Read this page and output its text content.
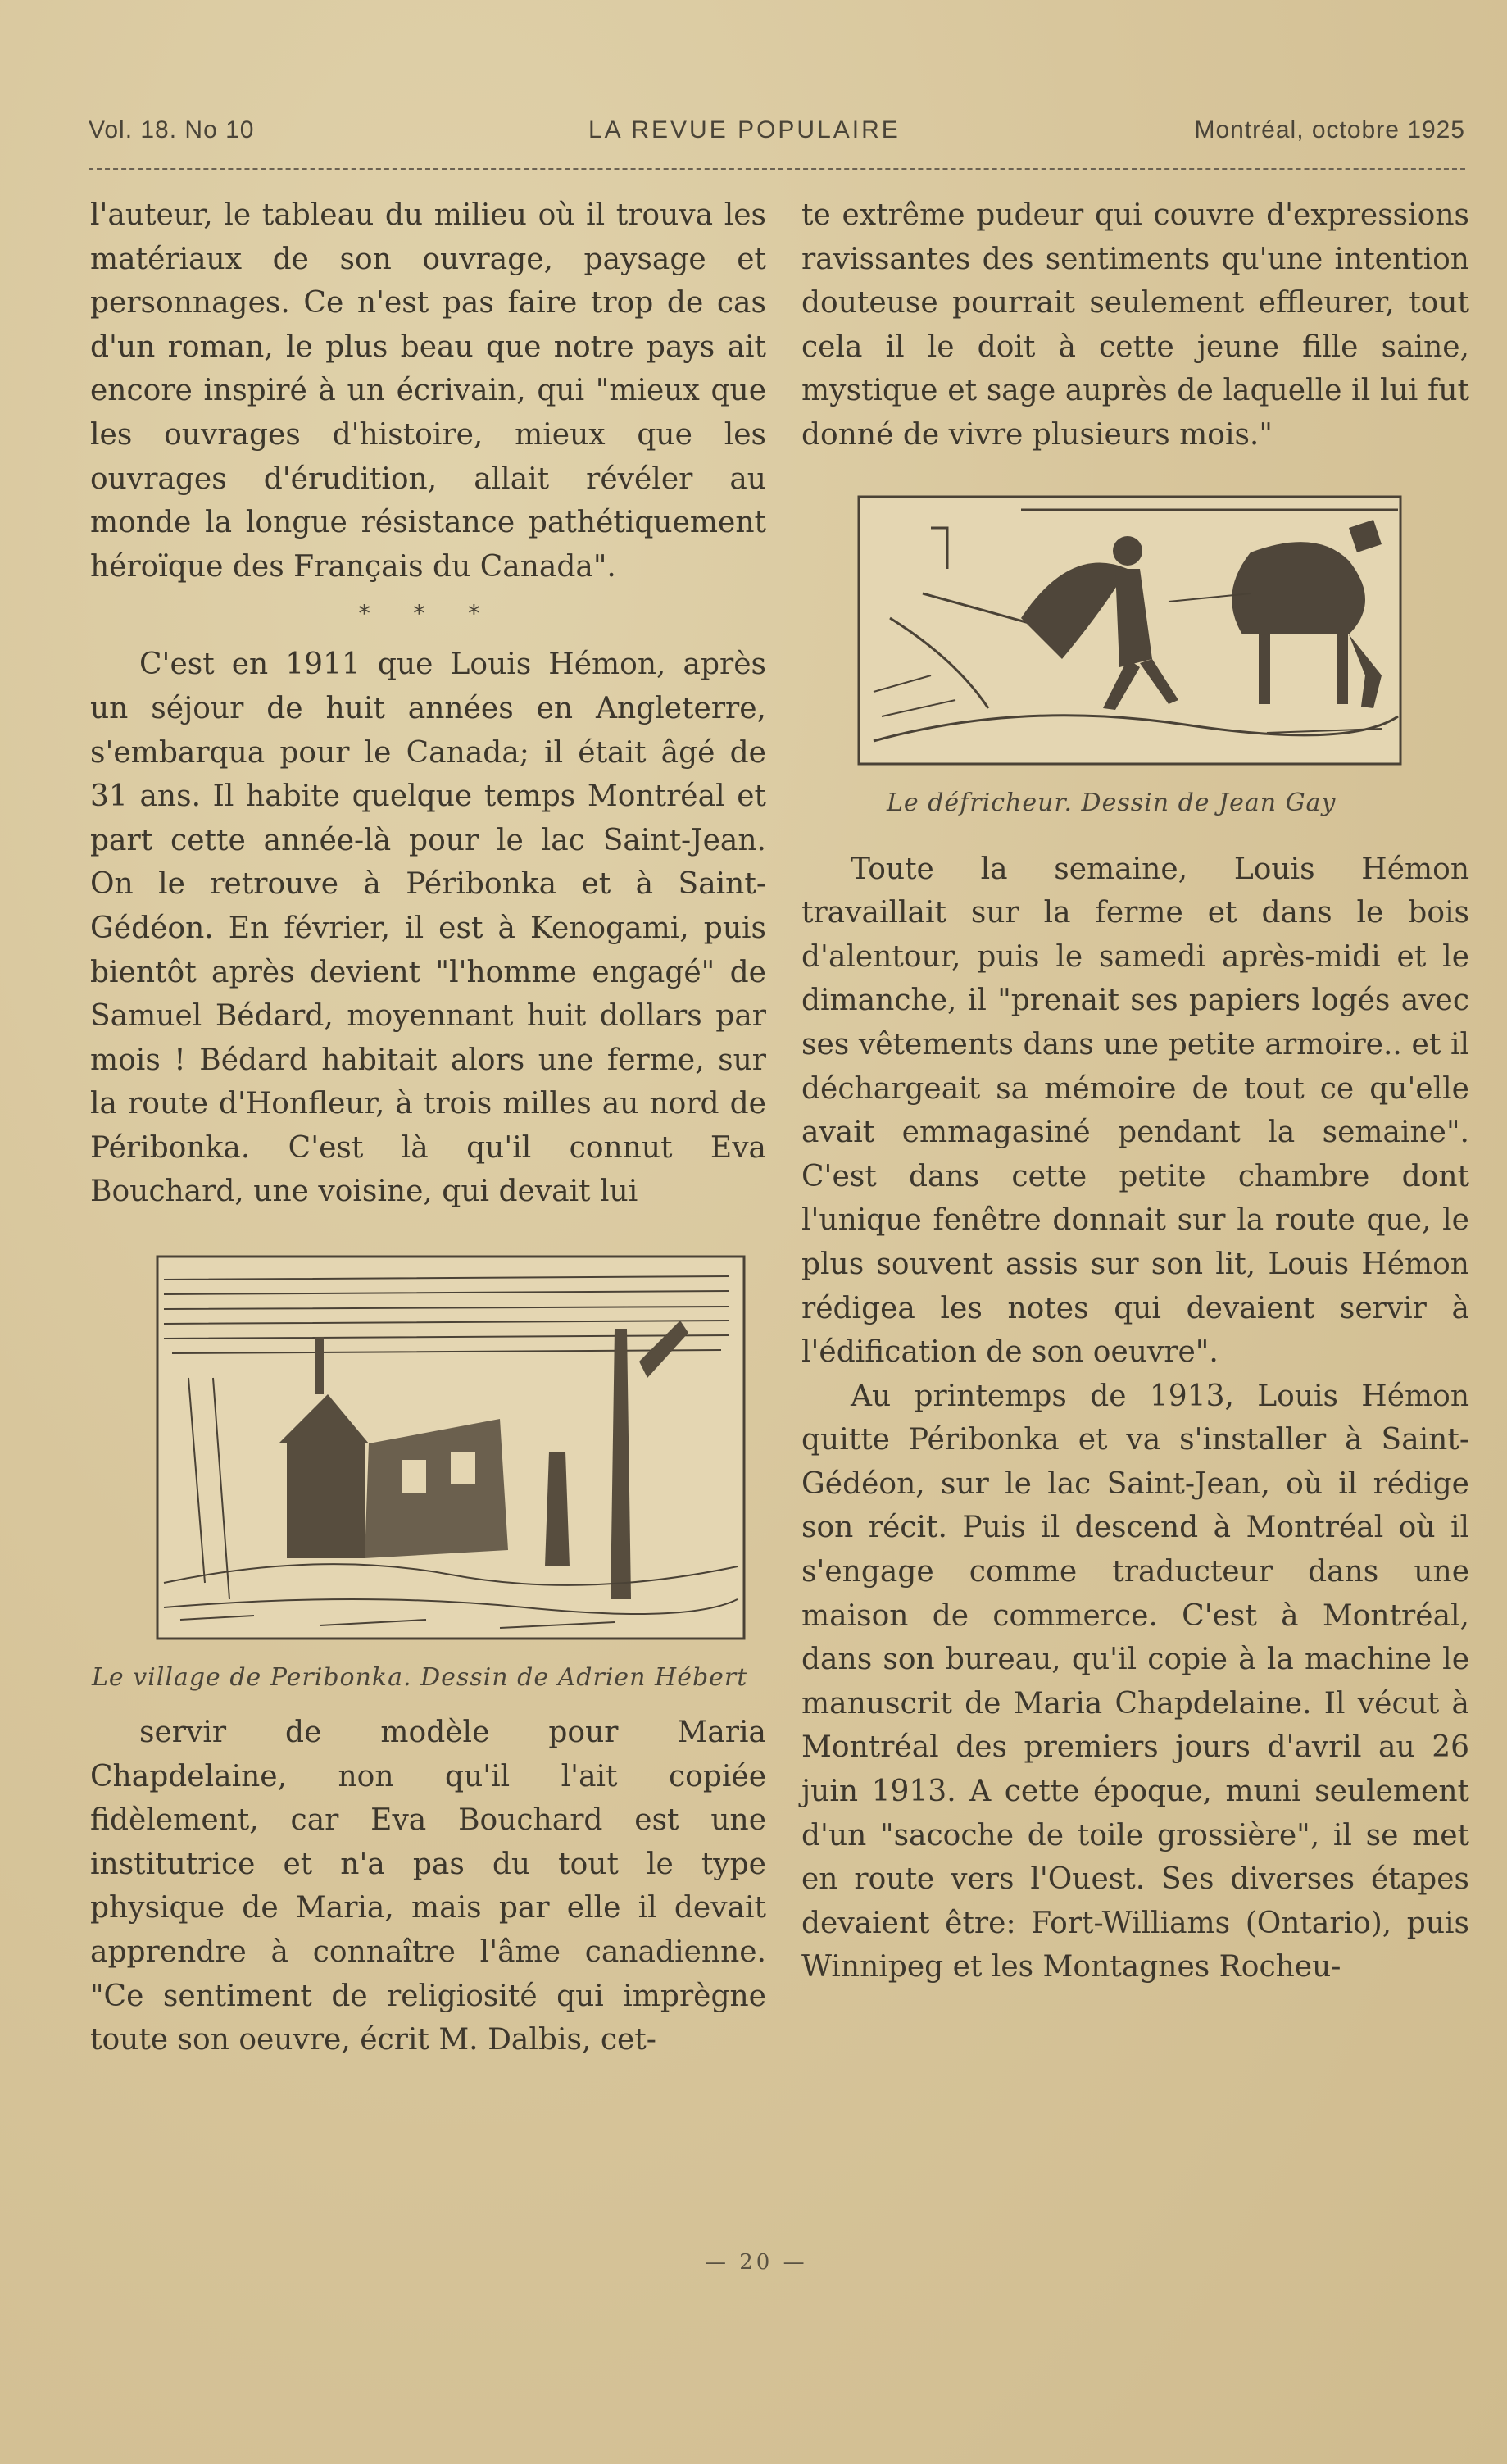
Vol. 18. No 10	LA REVUE POPULAIRE	Montréal, octobre 1925

l'auteur, le tableau du milieu où il trouva les matériaux de son ouvrage, paysage et personnages. Ce n'est pas faire trop de cas d'un roman, le plus beau que notre pays ait encore inspiré à un écrivain, qui "mieux que les ouvrages d'histoire, mieux que les ouvrages d'érudition, allait révéler au monde la longue résistance pathétiquement héroïque des Français du Canada".

* * *

C'est en 1911 que Louis Hémon, après un séjour de huit années en Angleterre, s'embarqua pour le Canada; il était âgé de 31 ans. Il habite quelque temps Montréal et part cette année-là pour le lac Saint-Jean. On le retrouve à Péribonka et à Saint-Gédéon. En février, il est à Kenogami, puis bientôt après devient "l'homme engagé" de Samuel Bédard, moyennant huit dollars par mois ! Bédard habitait alors une ferme, sur la route d'Honfleur, à trois milles au nord de Péribonka. C'est là qu'il connut Eva Bouchard, une voisine, qui devait lui

Le village de Peribonka. Dessin de Adrien Hébert

servir de modèle pour Maria Chapdelaine, non qu'il l'ait copiée fidèlement, car Eva Bouchard est une institutrice et n'a pas du tout le type physique de Maria, mais par elle il devait apprendre à connaître l'âme canadienne. "Ce sentiment de religiosité qui imprègne toute son oeuvre, écrit M. Dalbis, cet-

te extrême pudeur qui couvre d'expressions ravissantes des sentiments qu'une intention douteuse pourrait seulement effleurer, tout cela il le doit à cette jeune fille saine, mystique et sage auprès de laquelle il lui fut donné de vivre plusieurs mois."

Le défricheur. Dessin de Jean Gay

Toute la semaine, Louis Hémon travaillait sur la ferme et dans le bois d'alentour, puis le samedi après-midi et le dimanche, il "prenait ses papiers logés avec ses vêtements dans une petite armoire.. et il déchargeait sa mémoire de tout ce qu'elle avait emmagasiné pendant la semaine". C'est dans cette petite chambre dont l'unique fenêtre donnait sur la route que, le plus souvent assis sur son lit, Louis Hémon rédigea les notes qui devaient servir à l'édification de son oeuvre".

Au printemps de 1913, Louis Hémon quitte Péribonka et va s'installer à Saint-Gédéon, sur le lac Saint-Jean, où il rédige son récit. Puis il descend à Montréal où il s'engage comme traducteur dans une maison de commerce. C'est à Montréal, dans son bureau, qu'il copie à la machine le manuscrit de Maria Chapdelaine. Il vécut à Montréal des premiers jours d'avril au 26 juin 1913. A cette époque, muni seulement d'un "sacoche de toile grossière", il se met en route vers l'Ouest. Ses diverses étapes devaient être: Fort-Williams (Ontario), puis Winnipeg et les Montagnes Rocheu-

— 20 —
